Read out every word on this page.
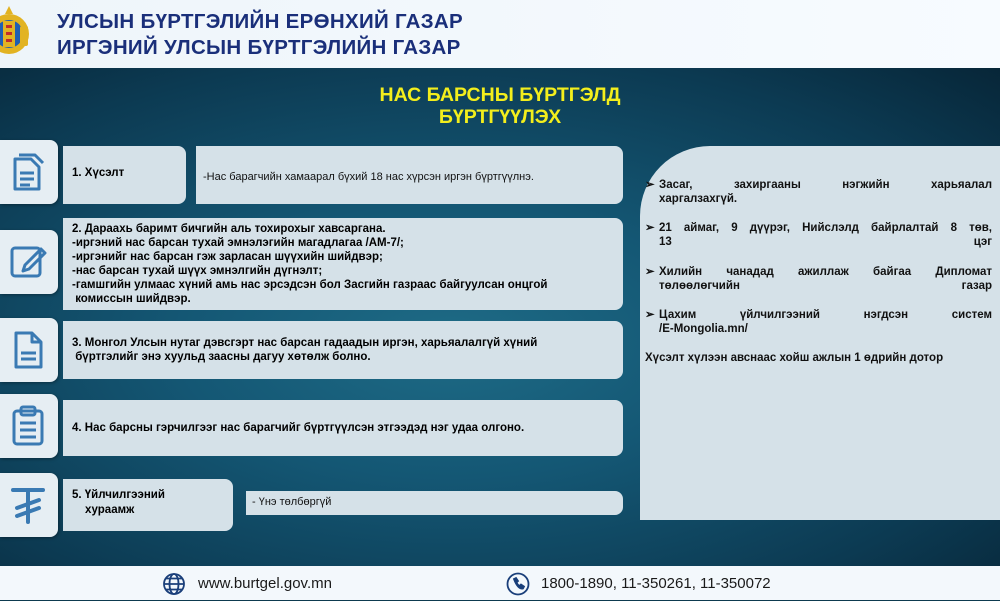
УЛСЫН БҮРТГЭЛИЙН ЕРӨНХИЙ ГАЗАР
ИРГЭНИЙ УЛСЫН БҮРТГЭЛИЙН ГАЗАР
НАС БАРСНЫ БҮРТГЭЛД
БҮРТГҮҮЛЭХ
1. Хүсэлт	-Нас барагчийн хамаарал бүхий 18 нас хүрсэн иргэн бүртгүүлнэ.
2. Дараахь баримт бичгийн аль тохирохыг хавсаргана.
-иргэний нас барсан тухай эмнэлэгийн магадлагаа /АМ-7/;
-иргэнийг нас барсан гэж зарласан шүүхийн шийдвэр;
-нас барсан тухай шүүх эмнэлгийн дүгнэлт;
-гамшгийн улмаас хүний амь нас эрсэдсэн бол Засгийн газраас байгуулсан онцгой
комиссын шийдвэр.
3. Монгол Улсын нутаг дэвсгэрт нас барсан гадаадын иргэн, харьяалалгүй хүний
бүртгэлийг энэ хуульд заасны дагуу хөтөлж болно.
4. Нас барсны гэрчилгээг нас барагчийг бүртгүүлсэн этгээдэд нэг удаа олгоно.
5. Үйлчилгээний
хураамж
- Үнэ төлбөргүй
➢ Засаг, захиргааны нэгжийн харьяалал
харгалзахгүй.
➢ 21 аймаг, 9 дүүрэг, Нийслэлд байрлалтай 8 төв,
13 цэг
➢ Хилийн чанадад ажиллаж байгаа Дипломат
төлөөлөгчийн газар
➢ Цахим үйлчилгээний нэгдсэн систем
/E-Mongolia.mn/
Хүсэлт хүлээн авснаас хойш ажлын 1 өдрийн дотор
www.burtgel.gov.mn	1800-1890, 11-350261, 11-350072
